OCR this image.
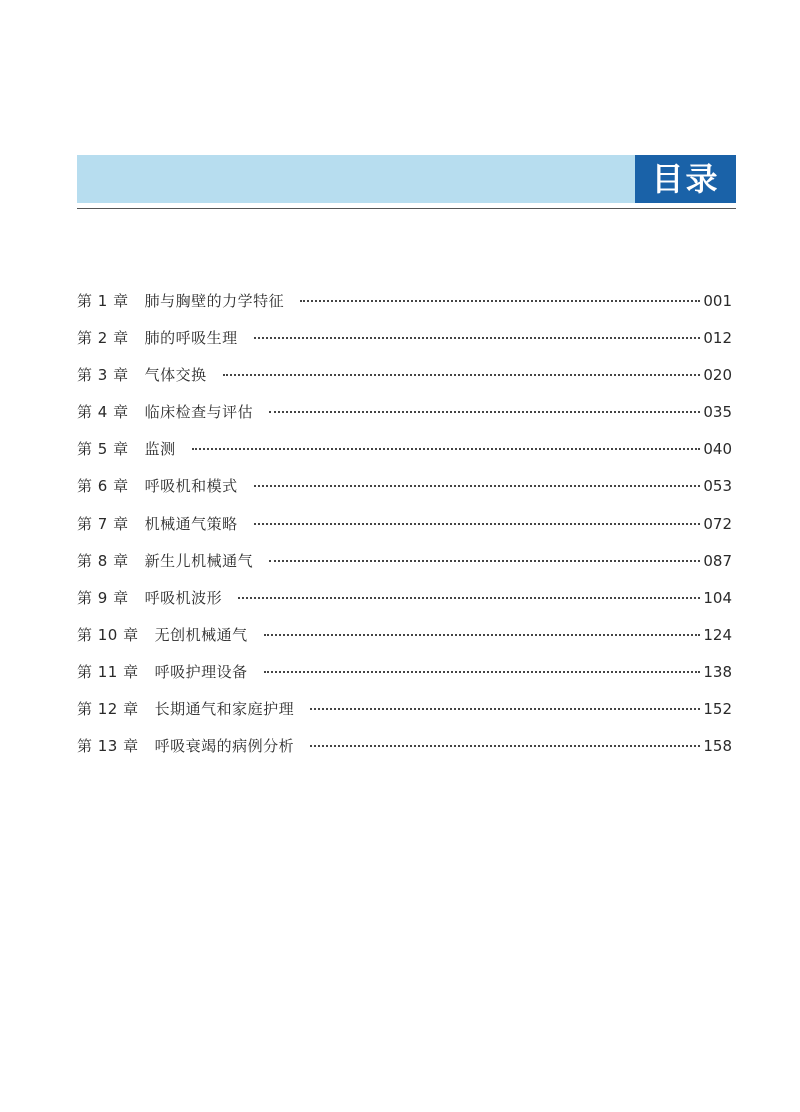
目录
第 1 章 肺与胸壁的力学特征	001
第 2 章 肺的呼吸生理	012
第 3 章 气体交换	020
第 4 章 临床检查与评估	035
第 5 章 监测	040
第 6 章 呼吸机和模式	053
第 7 章 机械通气策略	072
第 8 章 新生儿机械通气	087
第 9 章 呼吸机波形	104
第 10 章 无创机械通气	124
第 11 章 呼吸护理设备	138
第 12 章 长期通气和家庭护理	152
第 13 章 呼吸衰竭的病例分析	158
